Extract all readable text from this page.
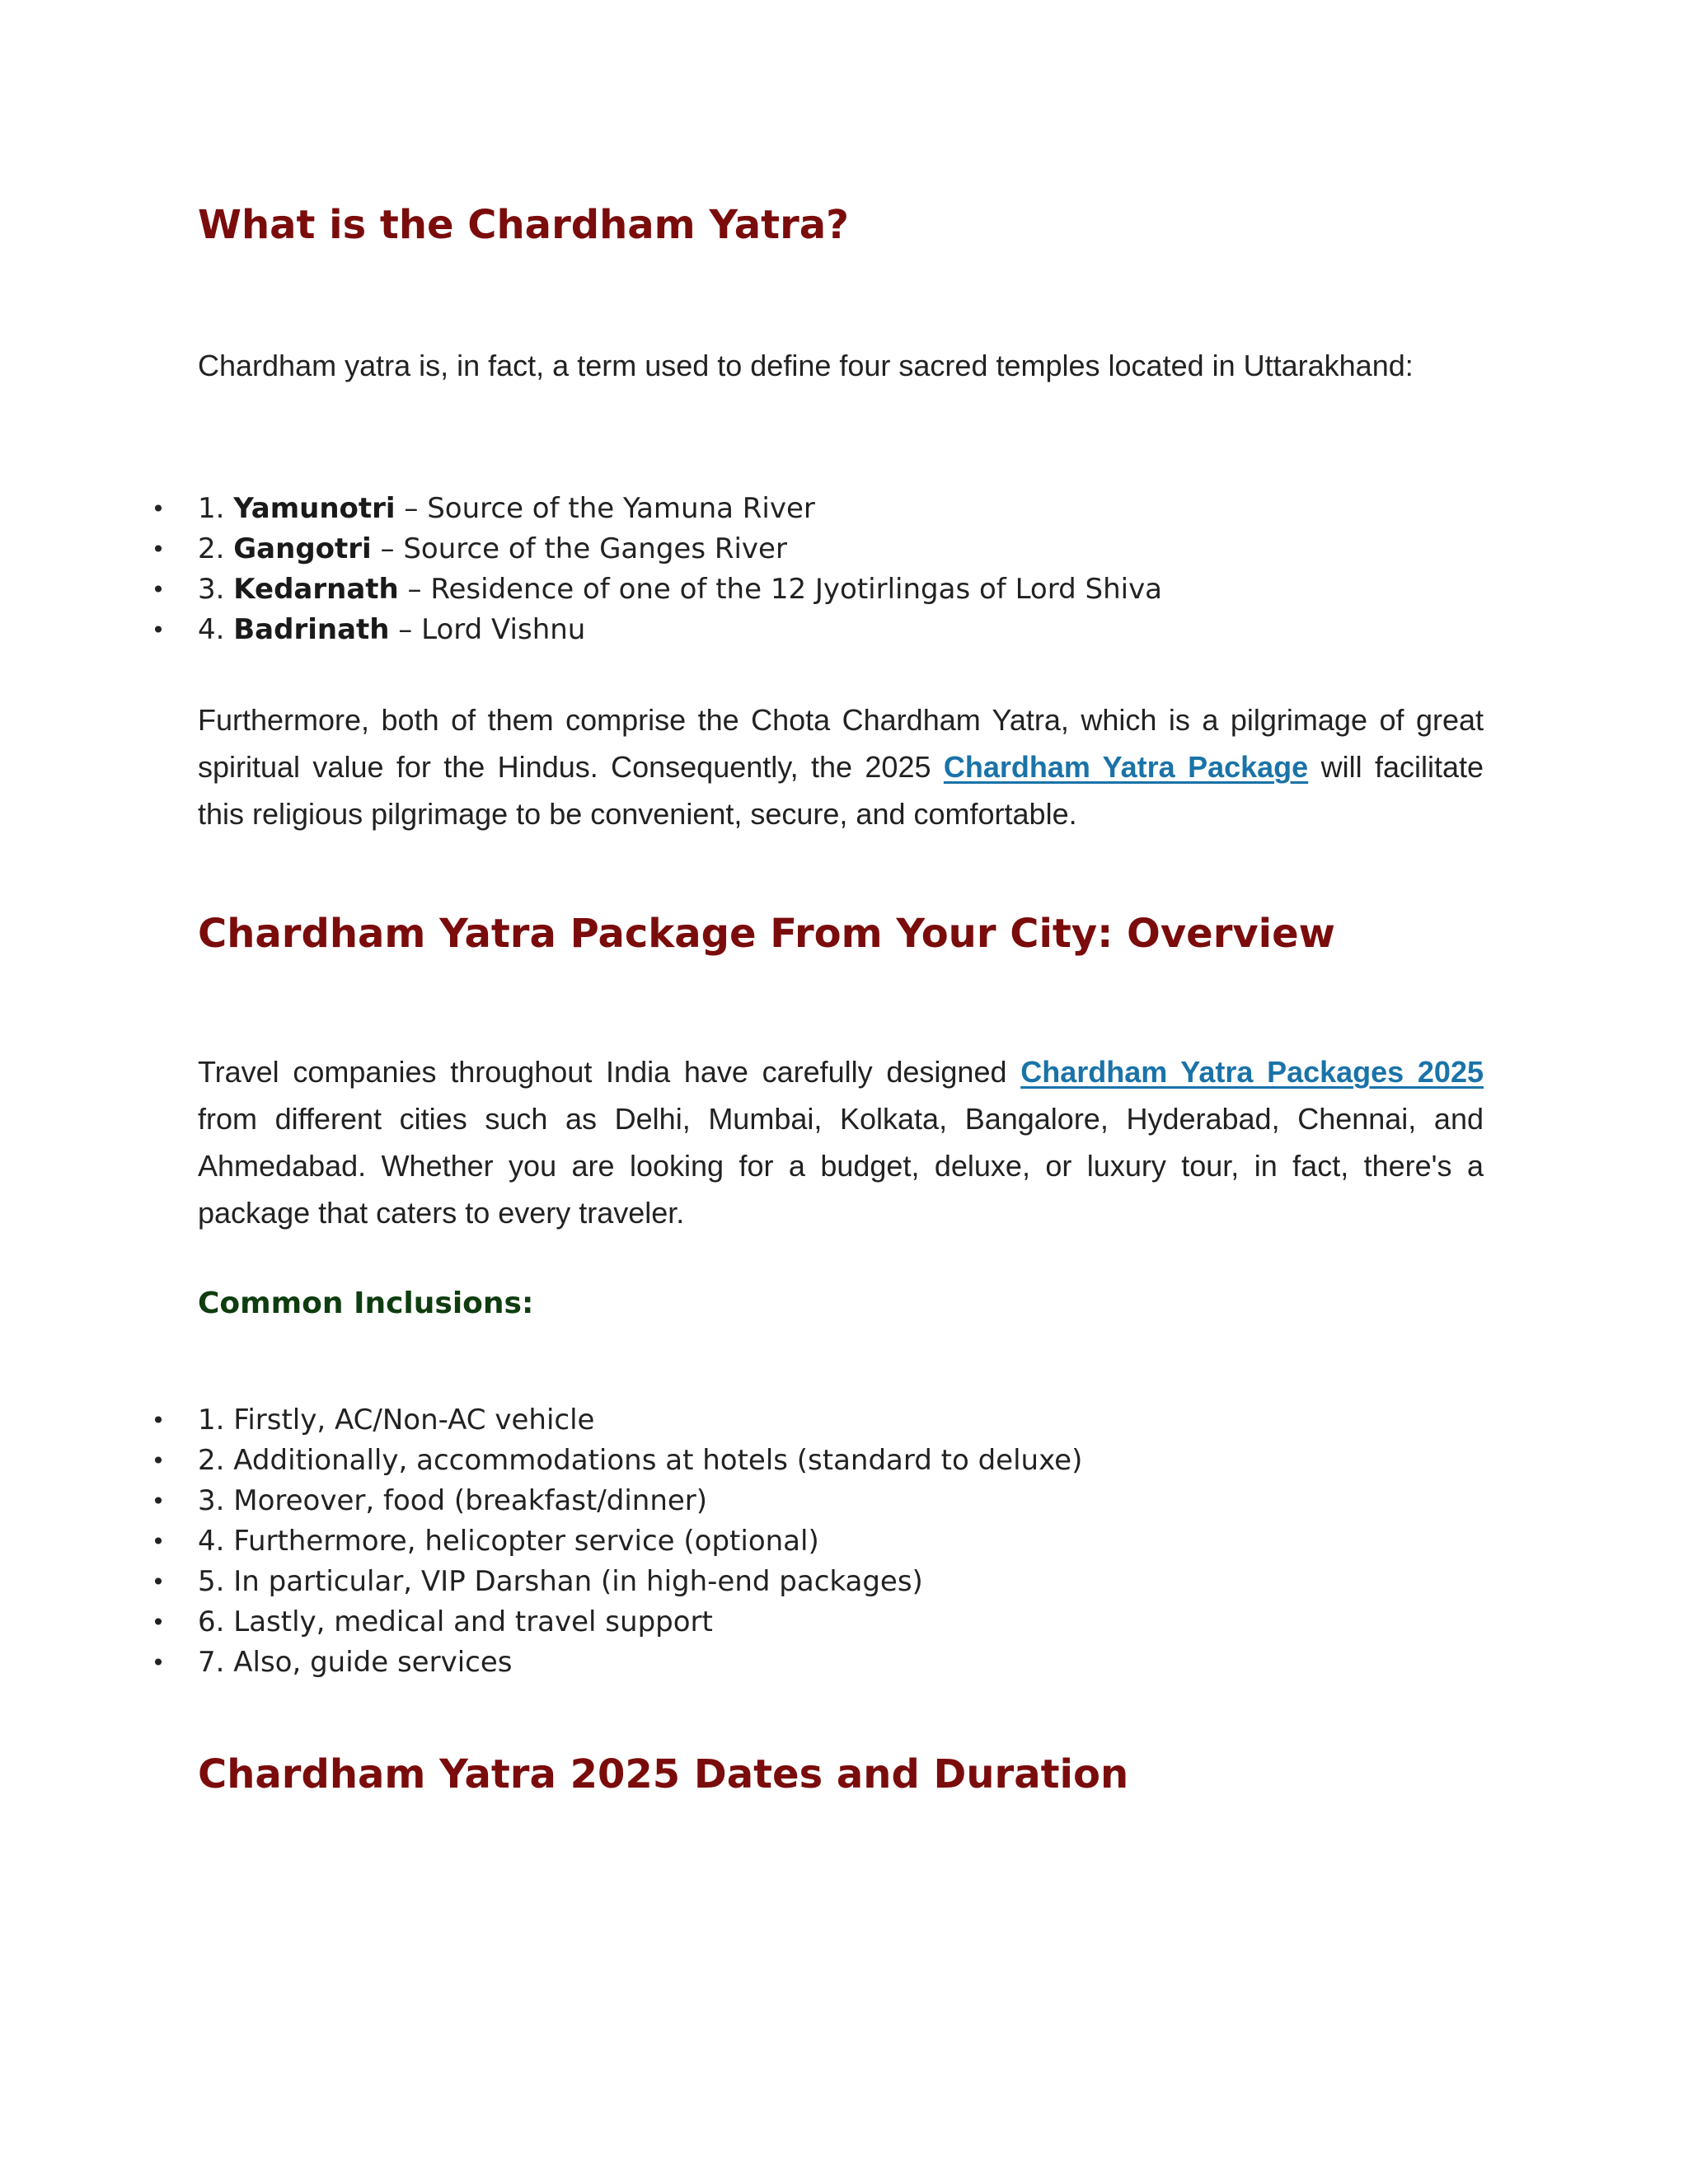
What is the Chardham Yatra?

Chardham yatra is, in fact, a term used to define four sacred temples located in Uttarakhand:

• 1. Yamunotri – Source of the Yamuna River
• 2. Gangotri – Source of the Ganges River
• 3. Kedarnath – Residence of one of the 12 Jyotirlingas of Lord Shiva
• 4. Badrinath – Lord Vishnu

Furthermore, both of them comprise the Chota Chardham Yatra, which is a pilgrimage of great spiritual value for the Hindus. Consequently, the 2025 Chardham Yatra Package will facilitate this religious pilgrimage to be convenient, secure, and comfortable.

Chardham Yatra Package From Your City: Overview

Travel companies throughout India have carefully designed Chardham Yatra Packages 2025 from different cities such as Delhi, Mumbai, Kolkata, Bangalore, Hyderabad, Chennai, and Ahmedabad. Whether you are looking for a budget, deluxe, or luxury tour, in fact, there's a package that caters to every traveler.

Common Inclusions:
• 1. Firstly, AC/Non-AC vehicle
• 2. Additionally, accommodations at hotels (standard to deluxe)
• 3. Moreover, food (breakfast/dinner)
• 4. Furthermore, helicopter service (optional)
• 5. In particular, VIP Darshan (in high-end packages)
• 6. Lastly, medical and travel support
• 7. Also, guide services
Chardham Yatra 2025 Dates and Duration
